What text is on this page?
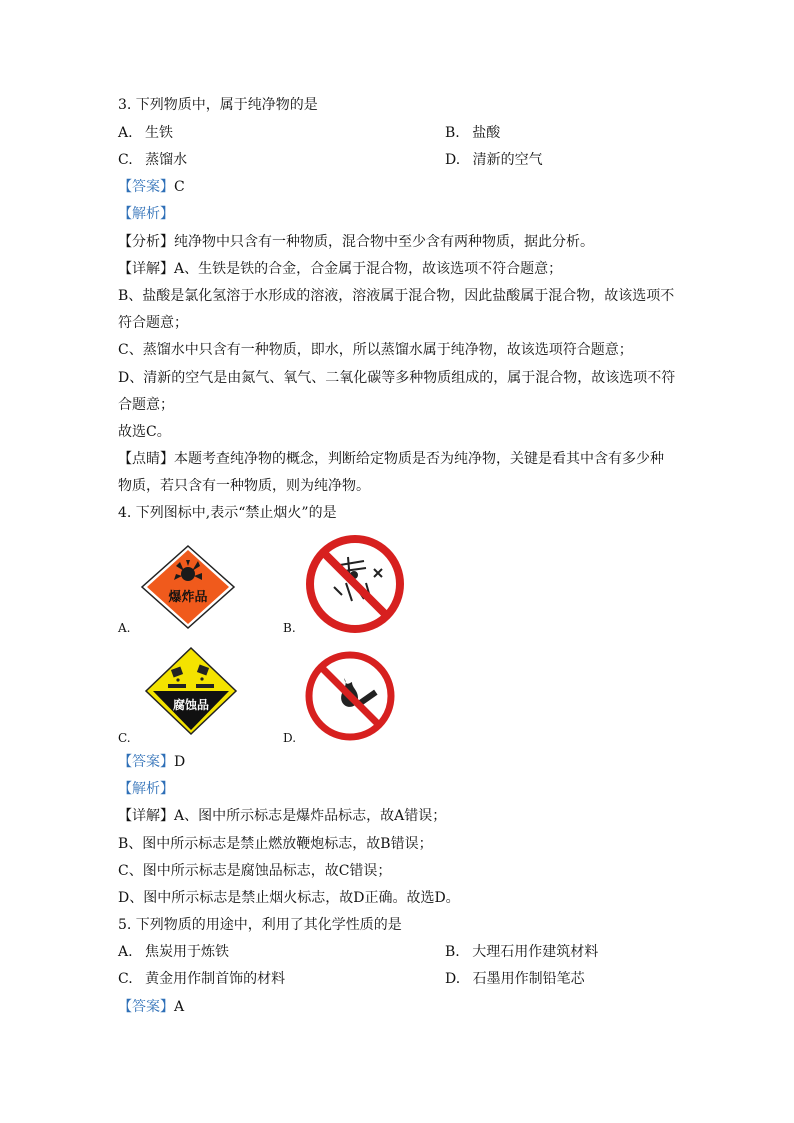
3. 下列物质中，属于纯净物的是
A. 生铁	B. 盐酸
C. 蒸馏水	D. 清新的空气
【答案】C
【解析】
【分析】纯净物中只含有一种物质，混合物中至少含有两种物质，据此分析。
【详解】A、生铁是铁的合金，合金属于混合物，故该选项不符合题意；
B、盐酸是氯化氢溶于水形成的溶液，溶液属于混合物，因此盐酸属于混合物，故该选项不
符合题意；
C、蒸馏水中只含有一种物质，即水，所以蒸馏水属于纯净物，故该选项符合题意；
D、清新的空气是由氮气、氧气、二氧化碳等多种物质组成的，属于混合物，故该选项不符
合题意；
故选C。
【点睛】本题考查纯净物的概念，判断给定物质是否为纯净物，关键是看其中含有多少种
物质，若只含有一种物质，则为纯净物。
4. 下列图标中,表示“禁止烟火”的是
爆炸品
A.	B.
腐蚀品
C.	D.
【答案】D
【解析】
【详解】A、图中所示标志是爆炸品标志，故A错误；
B、图中所示标志是禁止燃放鞭炮标志，故B错误；
C、图中所示标志是腐蚀品标志，故C错误；
D、图中所示标志是禁止烟火标志，故D正确。故选D。
5. 下列物质的用途中，利用了其化学性质的是
A. 焦炭用于炼铁	B. 大理石用作建筑材料
C. 黄金用作制首饰的材料	D. 石墨用作制铅笔芯
【答案】A
